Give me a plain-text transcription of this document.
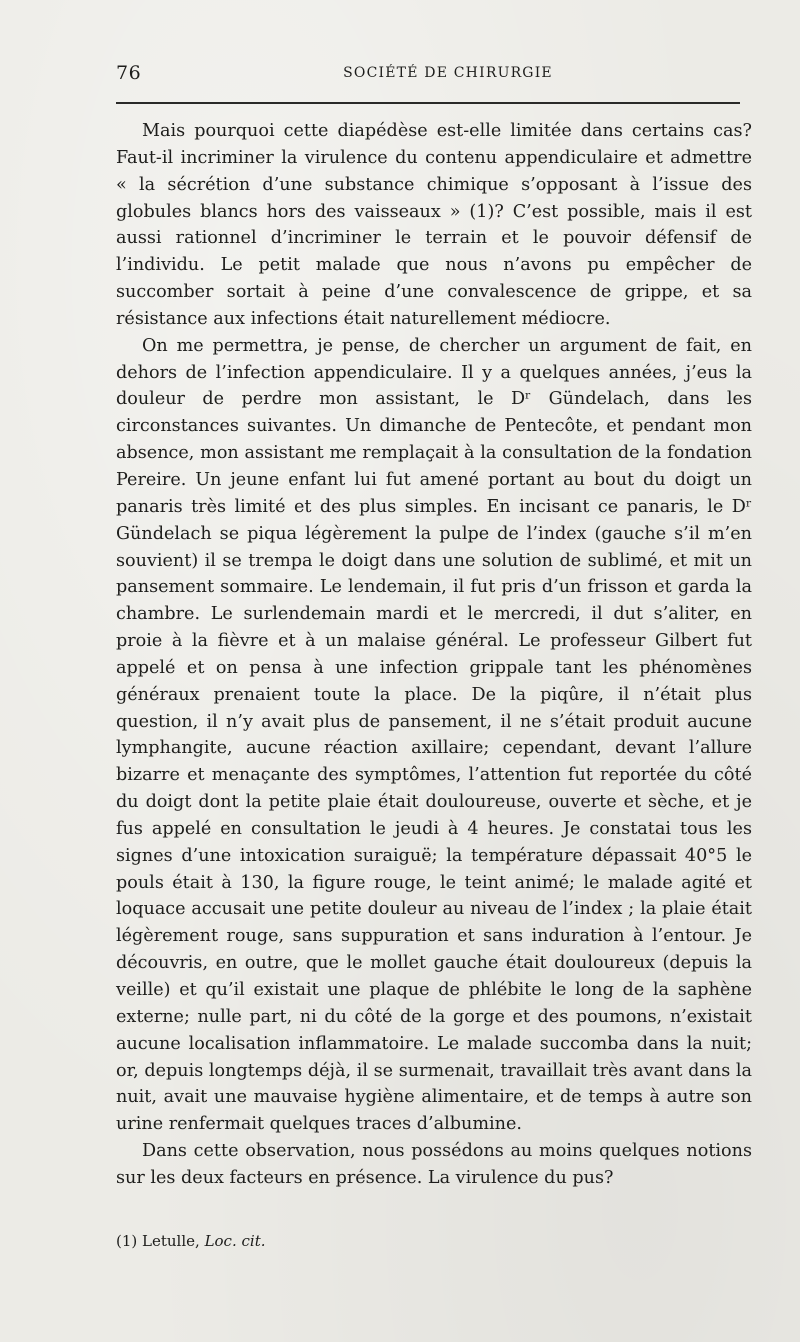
76	SOCIÉTÉ DE CHIRURGIE

Mais pourquoi cette diapédèse est-elle limitée dans certains cas? Faut-il incriminer la virulence du contenu appendiculaire et admettre « la sécrétion d’une substance chimique s’opposant à l’issue des globules blancs hors des vaisseaux » (1)? C’est possible, mais il est aussi rationnel d’incriminer le terrain et le pouvoir défensif de l’individu. Le petit malade que nous n’avons pu empêcher de succomber sortait à peine d’une convalescence de grippe, et sa résistance aux infections était naturellement médiocre.

On me permettra, je pense, de chercher un argument de fait, en dehors de l’infection appendiculaire. Il y a quelques années, j’eus la douleur de perdre mon assistant, le Dʳ Gündelach, dans les circonstances suivantes. Un dimanche de Pentecôte, et pendant mon absence, mon assistant me remplaçait à la consultation de la fondation Pereire. Un jeune enfant lui fut amené portant au bout du doigt un panaris très limité et des plus simples. En incisant ce panaris, le Dʳ Gündelach se piqua légèrement la pulpe de l’index (gauche s’il m’en souvient) il se trempa le doigt dans une solution de sublimé, et mit un pansement sommaire. Le lendemain, il fut pris d’un frisson et garda la chambre. Le surlendemain mardi et le mercredi, il dut s’aliter, en proie à la fièvre et à un malaise général. Le professeur Gilbert fut appelé et on pensa à une infection grippale tant les phénomènes généraux prenaient toute la place. De la piqûre, il n’était plus question, il n’y avait plus de pansement, il ne s’était produit aucune lymphangite, aucune réaction axillaire; cependant, devant l’allure bizarre et menaçante des symptômes, l’attention fut reportée du côté du doigt dont la petite plaie était douloureuse, ouverte et sèche, et je fus appelé en consultation le jeudi à 4 heures. Je constatai tous les signes d’une intoxication suraiguë; la température dépassait 40°5 le pouls était à 130, la figure rouge, le teint animé; le malade agité et loquace accusait une petite douleur au niveau de l’index ; la plaie était légèrement rouge, sans suppuration et sans induration à l’entour. Je découvris, en outre, que le mollet gauche était douloureux (depuis la veille) et qu’il existait une plaque de phlébite le long de la saphène externe; nulle part, ni du côté de la gorge et des poumons, n’existait aucune localisation inflammatoire. Le malade succomba dans la nuit; or, depuis longtemps déjà, il se surmenait, travaillait très avant dans la nuit, avait une mauvaise hygiène alimentaire, et de temps à autre son urine renfermait quelques traces d’albumine.

Dans cette observation, nous possédons au moins quelques notions sur les deux facteurs en présence. La virulence du pus?

(1) Letulle, Loc. cit.
